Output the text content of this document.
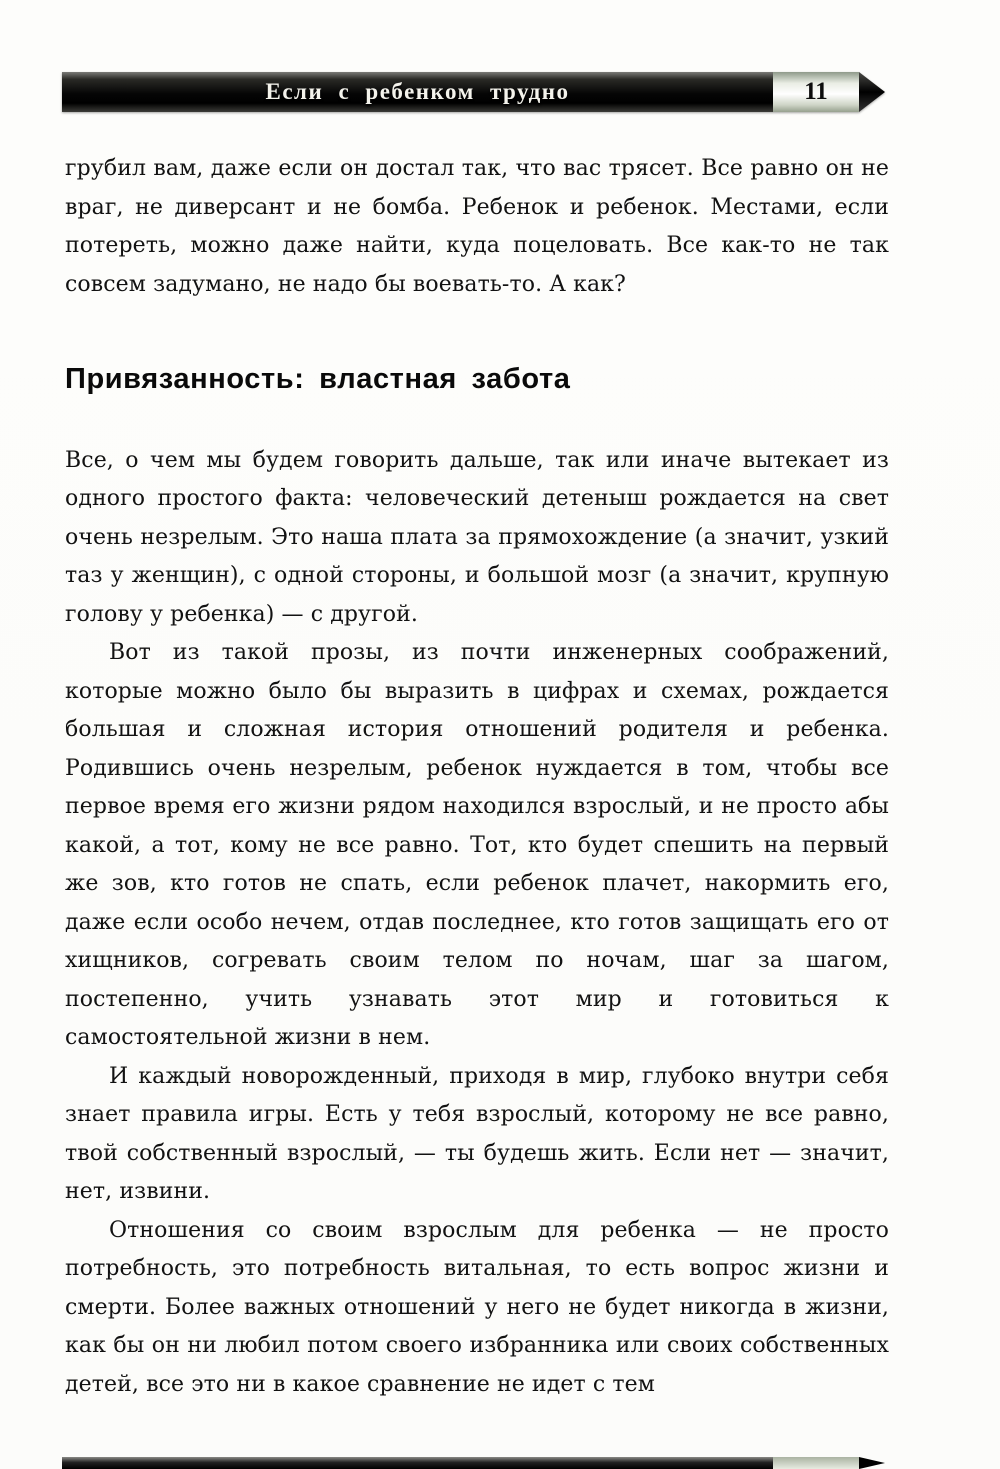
Если с ребенком трудно	11

грубил вам, даже если он достал так, что вас трясет. Все равно он не враг, не диверсант и не бомба. Ребенок и ребенок. Местами, если потереть, можно даже найти, куда поцеловать. Все как-то не так совсем задумано, не надо бы воевать-то. А как?

Привязанность: властная забота

Все, о чем мы будем говорить дальше, так или иначе вытекает из одного простого факта: человеческий детеныш рождается на свет очень незрелым. Это наша плата за прямохождение (а значит, узкий таз у женщин), с одной стороны, и большой мозг (а значит, крупную голову у ребенка) — с другой.

Вот из такой прозы, из почти инженерных соображений, которые можно было бы выразить в цифрах и схемах, рождается большая и сложная история отношений родителя и ребенка. Родившись очень незрелым, ребенок нуждается в том, чтобы все первое время его жизни рядом находился взрослый, и не просто абы какой, а тот, кому не все равно. Тот, кто будет спешить на первый же зов, кто готов не спать, если ребенок плачет, накормить его, даже если особо нечем, отдав последнее, кто готов защищать его от хищников, согревать своим телом по ночам, шаг за шагом, постепенно, учить узнавать этот мир и готовиться к самостоятельной жизни в нем.

И каждый новорожденный, приходя в мир, глубоко внутри себя знает правила игры. Есть у тебя взрослый, которому не все равно, твой собственный взрослый, — ты будешь жить. Если нет — значит, нет, извини.

Отношения со своим взрослым для ребенка — не просто потребность, это потребность витальная, то есть вопрос жизни и смерти. Более важных отношений у него не будет никогда в жизни, как бы он ни любил потом своего избранника или своих собственных детей, все это ни в какое сравнение не идет с тем
